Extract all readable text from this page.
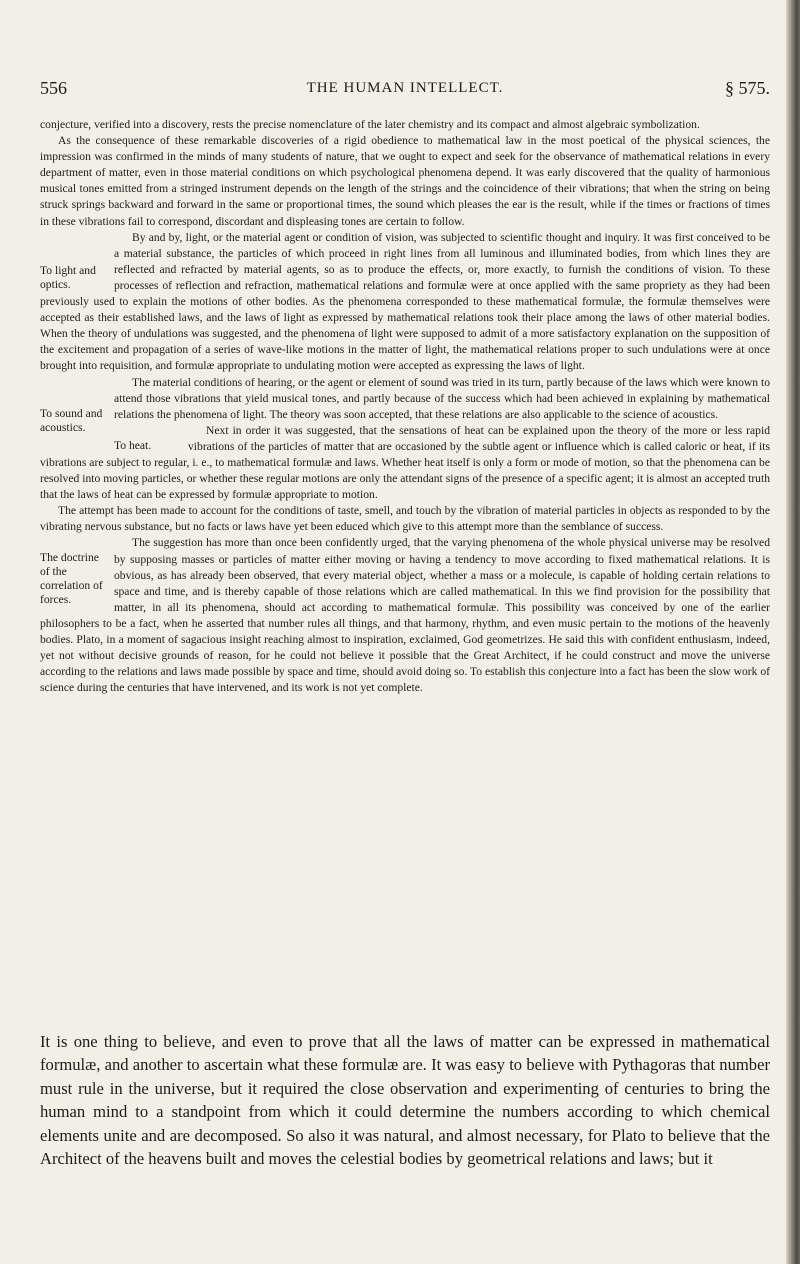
556	THE HUMAN INTELLECT.	§ 575.

conjecture, verified into a discovery, rests the precise nomenclature of the later chemistry and its compact and almost algebraic symbolization.

As the consequence of these remarkable discoveries of a rigid obedience to mathematical law in the most poetical of the physical sciences, the impression was confirmed in the minds of many students of nature, that we ought to expect and seek for the observance of mathematical relations in every department of matter, even in those material conditions on which psychological phenomena depend. It was early discovered that the quality of harmonious musical tones emitted from a stringed instrument depends on the length of the strings and the coincidence of their vibrations; that when the string on being struck springs backward and forward in the same or proportional times, the sound which pleases the ear is the result, while if the times or fractions of times in these vibrations fail to correspond, discordant and displeasing tones are certain to follow.

To light and optics.

By and by, light, or the material agent or condition of vision, was subjected to scientific thought and inquiry. It was first conceived to be a material substance, the particles of which proceed in right lines from all luminous and illuminated bodies, from which lines they are reflected and refracted by material agents, so as to produce the effects, or, more exactly, to furnish the conditions of vision. To these processes of reflection and refraction, mathematical relations and formulæ were at once applied with the same propriety as they had been previously used to explain the motions of other bodies. As the phenomena corresponded to these mathematical formulæ, the formulæ themselves were accepted as their established laws, and the laws of light as expressed by mathematical relations took their place among the laws of other material bodies. When the theory of undulations was suggested, and the phenomena of light were supposed to admit of a more satisfactory explanation on the supposition of the excitement and propagation of a series of wave-like motions in the matter of light, the mathematical relations proper to such undulations were at once brought into requisition, and formulæ appropriate to undulating motion were accepted as expressing the laws of light.

To sound and acoustics.

The material conditions of hearing, or the agent or element of sound was tried in its turn, partly because of the laws which were known to attend those vibrations that yield musical tones, and partly because of the success which had been achieved in explaining by mathematical relations the phenomena of light. The theory was soon accepted, that these relations are also applicable to the science of acoustics.

To heat.

Next in order it was suggested, that the sensations of heat can be explained upon the theory of the more or less rapid vibrations of the particles of matter that are occasioned by the subtle agent or influence which is called caloric or heat, if its vibrations are subject to regular, i. e., to mathematical formulæ and laws. Whether heat itself is only a form or mode of motion, so that the phenomena can be resolved into moving particles, or whether these regular motions are only the attendant signs of the presence of a specific agent; it is almost an accepted truth that the laws of heat can be expressed by formulæ appropriate to motion.

The attempt has been made to account for the conditions of taste, smell, and touch by the vibration of material particles in objects as responded to by the vibrating nervous substance, but no facts or laws have yet been educed which give to this attempt more than the semblance of success.

The doctrine of the correlation of forces.

The suggestion has more than once been confidently urged, that the varying phenomena of the whole physical universe may be resolved by supposing masses or particles of matter either moving or having a tendency to move according to fixed mathematical relations. It is obvious, as has already been observed, that every material object, whether a mass or a molecule, is capable of holding certain relations to space and time, and is thereby capable of those relations which are called mathematical. In this we find provision for the possibility that matter, in all its phenomena, should act according to mathematical formulæ. This possibility was conceived by one of the earlier philosophers to be a fact, when he asserted that number rules all things, and that harmony, rhythm, and even music pertain to the motions of the heavenly bodies. Plato, in a moment of sagacious insight reaching almost to inspiration, exclaimed, God geometrizes. He said this with confident enthusiasm, indeed, yet not without decisive grounds of reason, for he could not believe it possible that the Great Architect, if he could construct and move the universe according to the relations and laws made possible by space and time, should avoid doing so. To establish this conjecture into a fact has been the slow work of science during the centuries that have intervened, and its work is not yet complete.

It is one thing to believe, and even to prove that all the laws of matter can be expressed in mathematical formulæ, and another to ascertain what these formulæ are. It was easy to believe with Pythagoras that number must rule in the universe, but it required the close observation and experimenting of centuries to bring the human mind to a standpoint from which it could determine the numbers according to which chemical elements unite and are decomposed. So also it was natural, and almost necessary, for Plato to believe that the Architect of the heavens built and moves the celestial bodies by geometrical relations and laws; but it
